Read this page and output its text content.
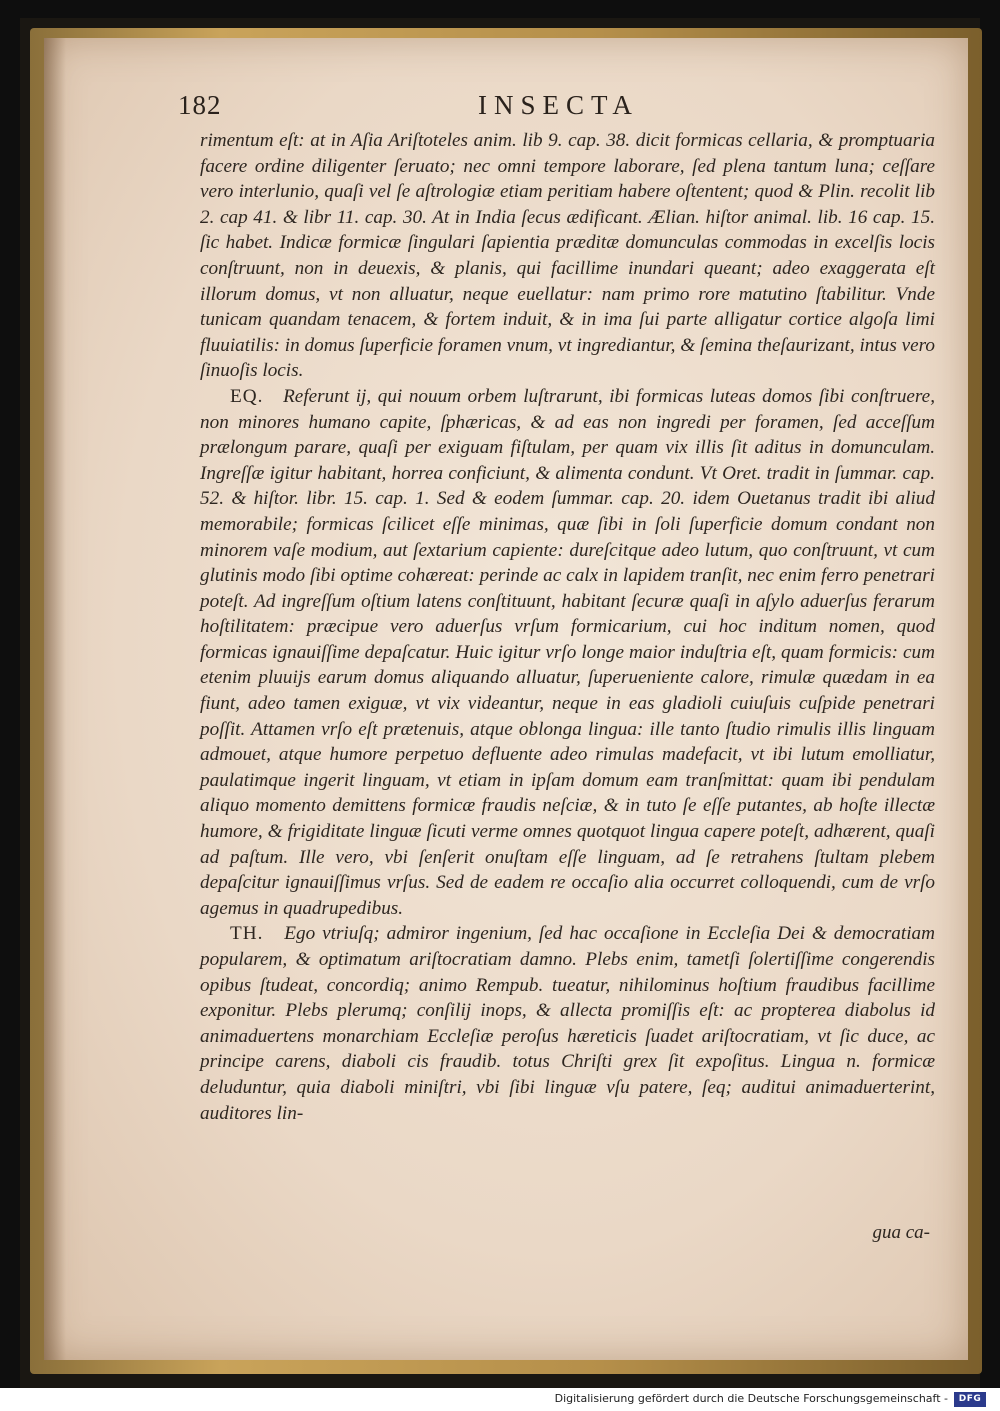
182	INSECTA

rimentum eſt: at in Aſia Ariſtoteles anim. lib 9. cap. 38. dicit formicas cellaria, & promptuaria facere ordine diligenter ſeruato; nec omni tempore laborare, ſed plena tantum luna; ceſſare vero interlunio, quaſi vel ſe aſtrologiæ etiam peritiam habere oſtentent; quod & Plin. recolit lib 2. cap 41. & libr 11. cap. 30. At in India ſecus ædificant. Ælian. hiſtor animal. lib. 16 cap. 15. ſic habet. Indicæ formicæ ſingulari ſapientia præditæ domunculas commodas in excelſis locis conſtruunt, non in deuexis, & planis, qui facillime inundari queant; adeo exaggerata eſt illorum domus, vt non alluatur, neque euellatur: nam primo rore matutino ſtabilitur. Vnde tunicam quandam tenacem, & fortem induit, & in ima ſui parte alligatur cortice algoſa limi fluuiatilis: in domus ſuperficie foramen vnum, vt ingrediantur, & ſemina theſaurizant, intus vero ſinuoſis locis.

EQ. Referunt ij, qui nouum orbem luſtrarunt, ibi formicas luteas domos ſibi conſtruere, non minores humano capite, ſphæricas, & ad eas non ingredi per foramen, ſed acceſſum prælongum parare, quaſi per exiguam fiſtulam, per quam vix illis ſit aditus in domunculam. Ingreſſæ igitur habitant, horrea conficiunt, & alimenta condunt. Vt Oret. tradit in ſummar. cap. 52. & hiſtor. libr. 15. cap. 1. Sed & eodem ſummar. cap. 20. idem Ouetanus tradit ibi aliud memorabile; formicas ſcilicet eſſe minimas, quæ ſibi in ſoli ſuperficie domum condant non minorem vaſe modium, aut ſextarium capiente: dureſcitque adeo lutum, quo conſtruunt, vt cum glutinis modo ſibi optime cohæreat: perinde ac calx in lapidem tranſit, nec enim ferro penetrari poteſt. Ad ingreſſum oſtium latens conſtituunt, habitant ſecuræ quaſi in aſylo aduerſus ferarum hoſtilitatem: præcipue vero aduerſus vrſum formicarium, cui hoc inditum nomen, quod formicas ignauiſſime depaſcatur. Huic igitur vrſo longe maior induſtria eſt, quam formicis: cum etenim pluuijs earum domus aliquando alluatur, ſuperueniente calore, rimulæ quædam in ea fiunt, adeo tamen exiguæ, vt vix videantur, neque in eas gladioli cuiuſuis cuſpide penetrari poſſit. Attamen vrſo eſt prætenuis, atque oblonga lingua: ille tanto ſtudio rimulis illis linguam admouet, atque humore perpetuo defluente adeo rimulas madefacit, vt ibi lutum emolliatur, paulatimque ingerit linguam, vt etiam in ipſam domum eam tranſmittat: quam ibi pendulam aliquo momento demittens formicæ fraudis neſciæ, & in tuto ſe eſſe putantes, ab hoſte illectæ humore, & frigiditate linguæ ſicuti verme omnes quotquot lingua capere poteſt, adhærent, quaſi ad paſtum. Ille vero, vbi ſenſerit onuſtam eſſe linguam, ad ſe retrahens ſtultam plebem depaſcitur ignauiſſimus vrſus. Sed de eadem re occaſio alia occurret colloquendi, cum de vrſo agemus in quadrupedibus.

TH. Ego vtriuſq; admiror ingenium, ſed hac occaſione in Eccleſia Dei & democratiam popularem, & optimatum ariſtocratiam damno. Plebs enim, tametſi ſolertiſſime congerendis opibus ſtudeat, concordiq; animo Rempub. tueatur, nihilominus hoſtium fraudibus facillime exponitur. Plebs plerumq; conſilij inops, & allecta promiſſis eſt: ac propterea diabolus id animaduertens monarchiam Eccleſiæ peroſus hæreticis ſuadet ariſtocratiam, vt ſic duce, ac principe carens, diaboli cis fraudib. totus Chriſti grex ſit expoſitus. Lingua n. formicæ deluduntur, quia diaboli miniſtri, vbi ſibi linguæ vſu patere, ſeq; auditui animaduerterint, auditores lin-

gua ca-
Digitalisierung gefördert durch die Deutsche Forschungsgemeinschaft -	DFG
